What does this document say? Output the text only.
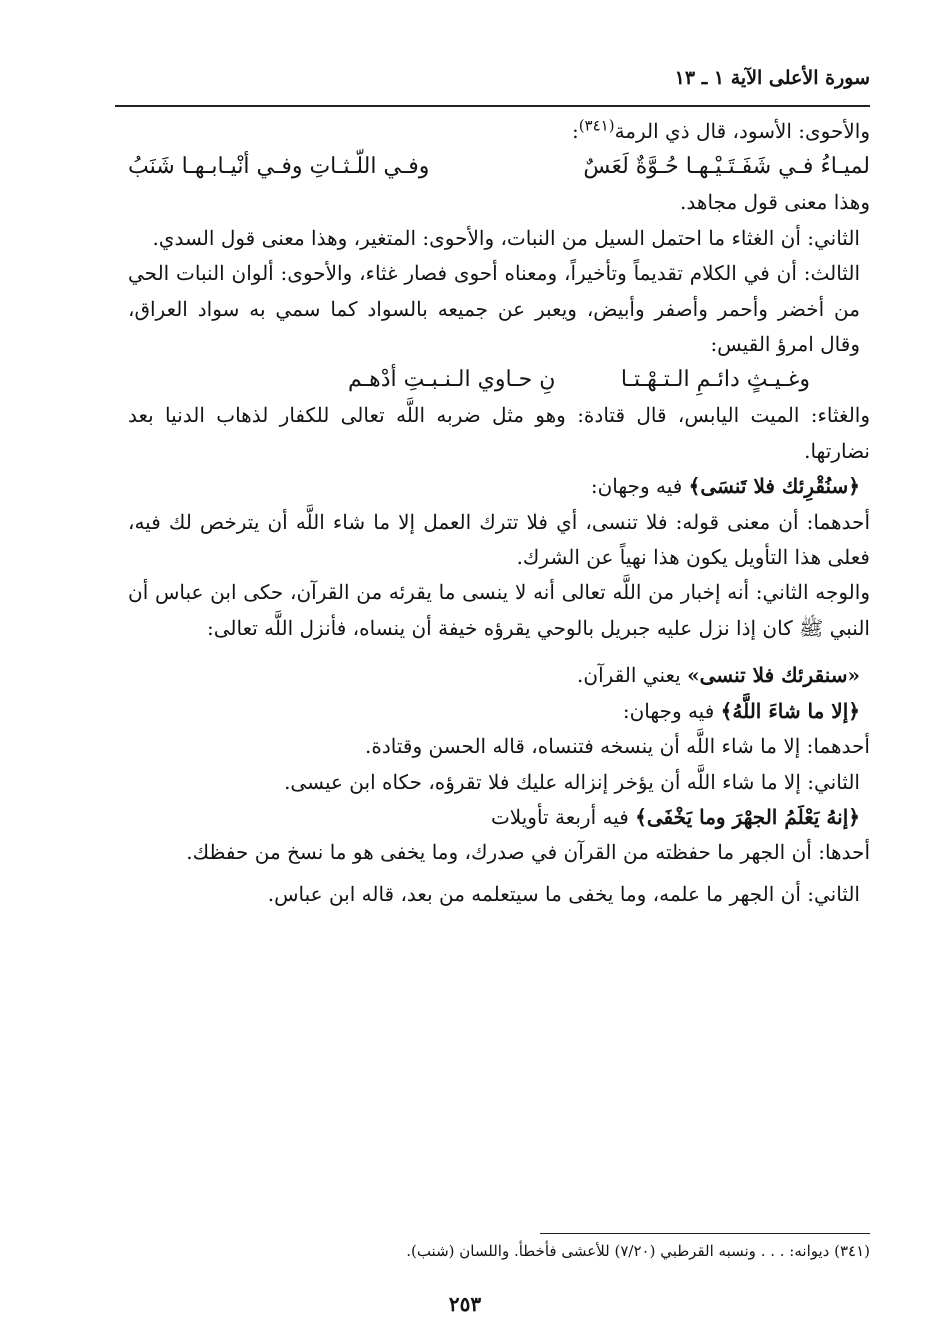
سورة الأعلى الآية ١ ـ ١٣

والأحوى: الأسود، قال ذي الرمة$^{(٣٤١)}$:

لميـاءُ فـي شَفَـتَـيْـهـا حُـوَّةٌ لَعَسٌ
وفـي اللّـثـاتِ وفـي أنْيـابـهـا شَنَبُ

وهذا معنى قول مجاهد.

الثاني: أن الغثاء ما احتمل السيل من النبات، والأحوى: المتغير، وهذا معنى قول السدي.

الثالث: أن في الكلام تقديماً وتأخيراً، ومعناه أحوى فصار غثاء، والأحوى: ألوان النبات الحي من أخضر وأحمر وأصفر وأبيض، ويعبر عن جميعه بالسواد كما سمي به سواد العراق، وقال امرؤ القيس:

وغـيـثٍ دائـمِ الـتـهْـتـا
نِ حـاوي الـنـبـتِ أدْهـم

والغثاء: الميت اليابس، قال قتادة: وهو مثل ضربه اللَّه تعالى للكفار لذهاب الدنيا بعد نضارتها.

﴿سنُقْرِئك فلا تَنسَى﴾ فيه وجهان:

أحدهما: أن معنى قوله: فلا تنسى، أي فلا تترك العمل إلا ما شاء اللَّه أن يترخص لك فيه، فعلى هذا التأويل يكون هذا نهياً عن الشرك.

والوجه الثاني: أنه إخبار من اللَّه تعالى أنه لا ينسى ما يقرئه من القرآن، حكى ابن عباس أن النبي ﷺ كان إذا نزل عليه جبريل بالوحي يقرؤه خيفة أن ينساه، فأنزل اللَّه تعالى:

«سنقرئك فلا تنسى» يعني القرآن.

﴿إلا ما شاءَ اللَّهُ﴾ فيه وجهان:

أحدهما: إلا ما شاء اللَّه أن ينسخه فتنساه، قاله الحسن وقتادة.

الثاني: إلا ما شاء اللَّه أن يؤخر إنزاله عليك فلا تقرؤه، حكاه ابن عيسى.

﴿إنهُ يَعْلَمُ الجهْرَ وما يَخْفَى﴾ فيه أربعة تأويلات

أحدها: أن الجهر ما حفظته من القرآن في صدرك، وما يخفى هو ما نسخ من حفظك.

الثاني: أن الجهر ما علمه، وما يخفى ما سيتعلمه من بعد، قاله ابن عباس.

(٣٤١) ديوانه: . . . ونسبه القرطبي (٧/٢٠) للأعشى فأخطأ. واللسان (شنب).
٢٥٣
